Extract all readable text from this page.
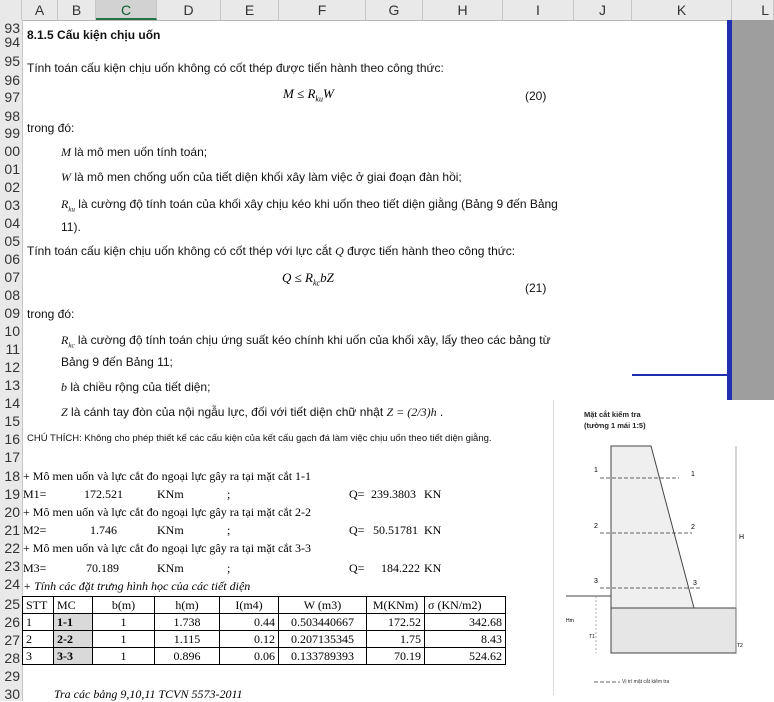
A	B	C	D	E	F	G	H	I	J	K	L
93
94
95
96
97
98
99
00
01
02
03
04
05
06
07
08
09
10
11
12
13
14
15
16
17
18
19
20
21
22
23
24
25
26
27
28
29
30
8.1.5 Cấu kiện chịu uốn
Tính toán cấu kiện chịu uốn không có cốt thép được tiến hành theo công thức:
$M \le R_{ku}W$	(20)
trong đó:
M là mô men uốn tính toán;
W là mô men chống uốn của tiết diện khối xây làm việc ở giai đoạn đàn hồi;
$R_{ku}$ là cường độ tính toán của khối xây chịu kéo khi uốn theo tiết diện giằng (Bảng 9 đến Bảng
11).
Tính toán cấu kiện chịu uốn không có cốt thép với lực cắt Q được tiến hành theo công thức:
$Q \le R_{kc}bZ$
(21)
trong đó:
$R_{kc}$ là cường độ tính toán chịu ứng suất kéo chính khi uốn của khối xây, lấy theo các bảng từ
Bảng 9 đến Bảng 11;
b là chiều rộng của tiết diện;
Z là cánh tay đòn của nội ngẫu lực, đối với tiết diện chữ nhật Z = (2/3)h .
CHÚ THÍCH: Không cho phép thiết kế các cấu kiện của kết cấu gạch đá làm việc chịu uốn theo tiết diện giằng.
+ Mô men uốn và lực cắt đo ngoại lực gây ra tại mặt cắt 1-1
M1=	172.521	KNm	;	Q= 239.3803 KN
+ Mô men uốn và lực cắt đo ngoại lực gây ra tại mặt cắt 2-2
M2=	1.746	KNm	;	Q= 50.51781 KN
+ Mô men uốn và lực cắt đo ngoại lực gây ra tại mặt cắt 3-3
M3=	70.189	KNm	;	Q= 184.222 KN
+ Tính các đặt trưng hình học của các tiết diện
STT	MC	b(m)	h(m)	I(m4)	W (m3)	M(KNm)	σ (KN/m2)
1	1-1	1	1.738	0.44	0.503440667	172.52	342.68
2	2-2	1	1.115	0.12	0.207135345	1.75	8.43
3	3-3	1	0.896	0.06	0.133789393	70.19	524.62
Tra các bảng 9,10,11 TCVN 5573-2011
Mặt cắt kiểm tra
(tường 1 mái 1:5)
1
1
2	2
3	3
H
Hm
T1
T2
Vị trí mặt cắt kiểm tra
